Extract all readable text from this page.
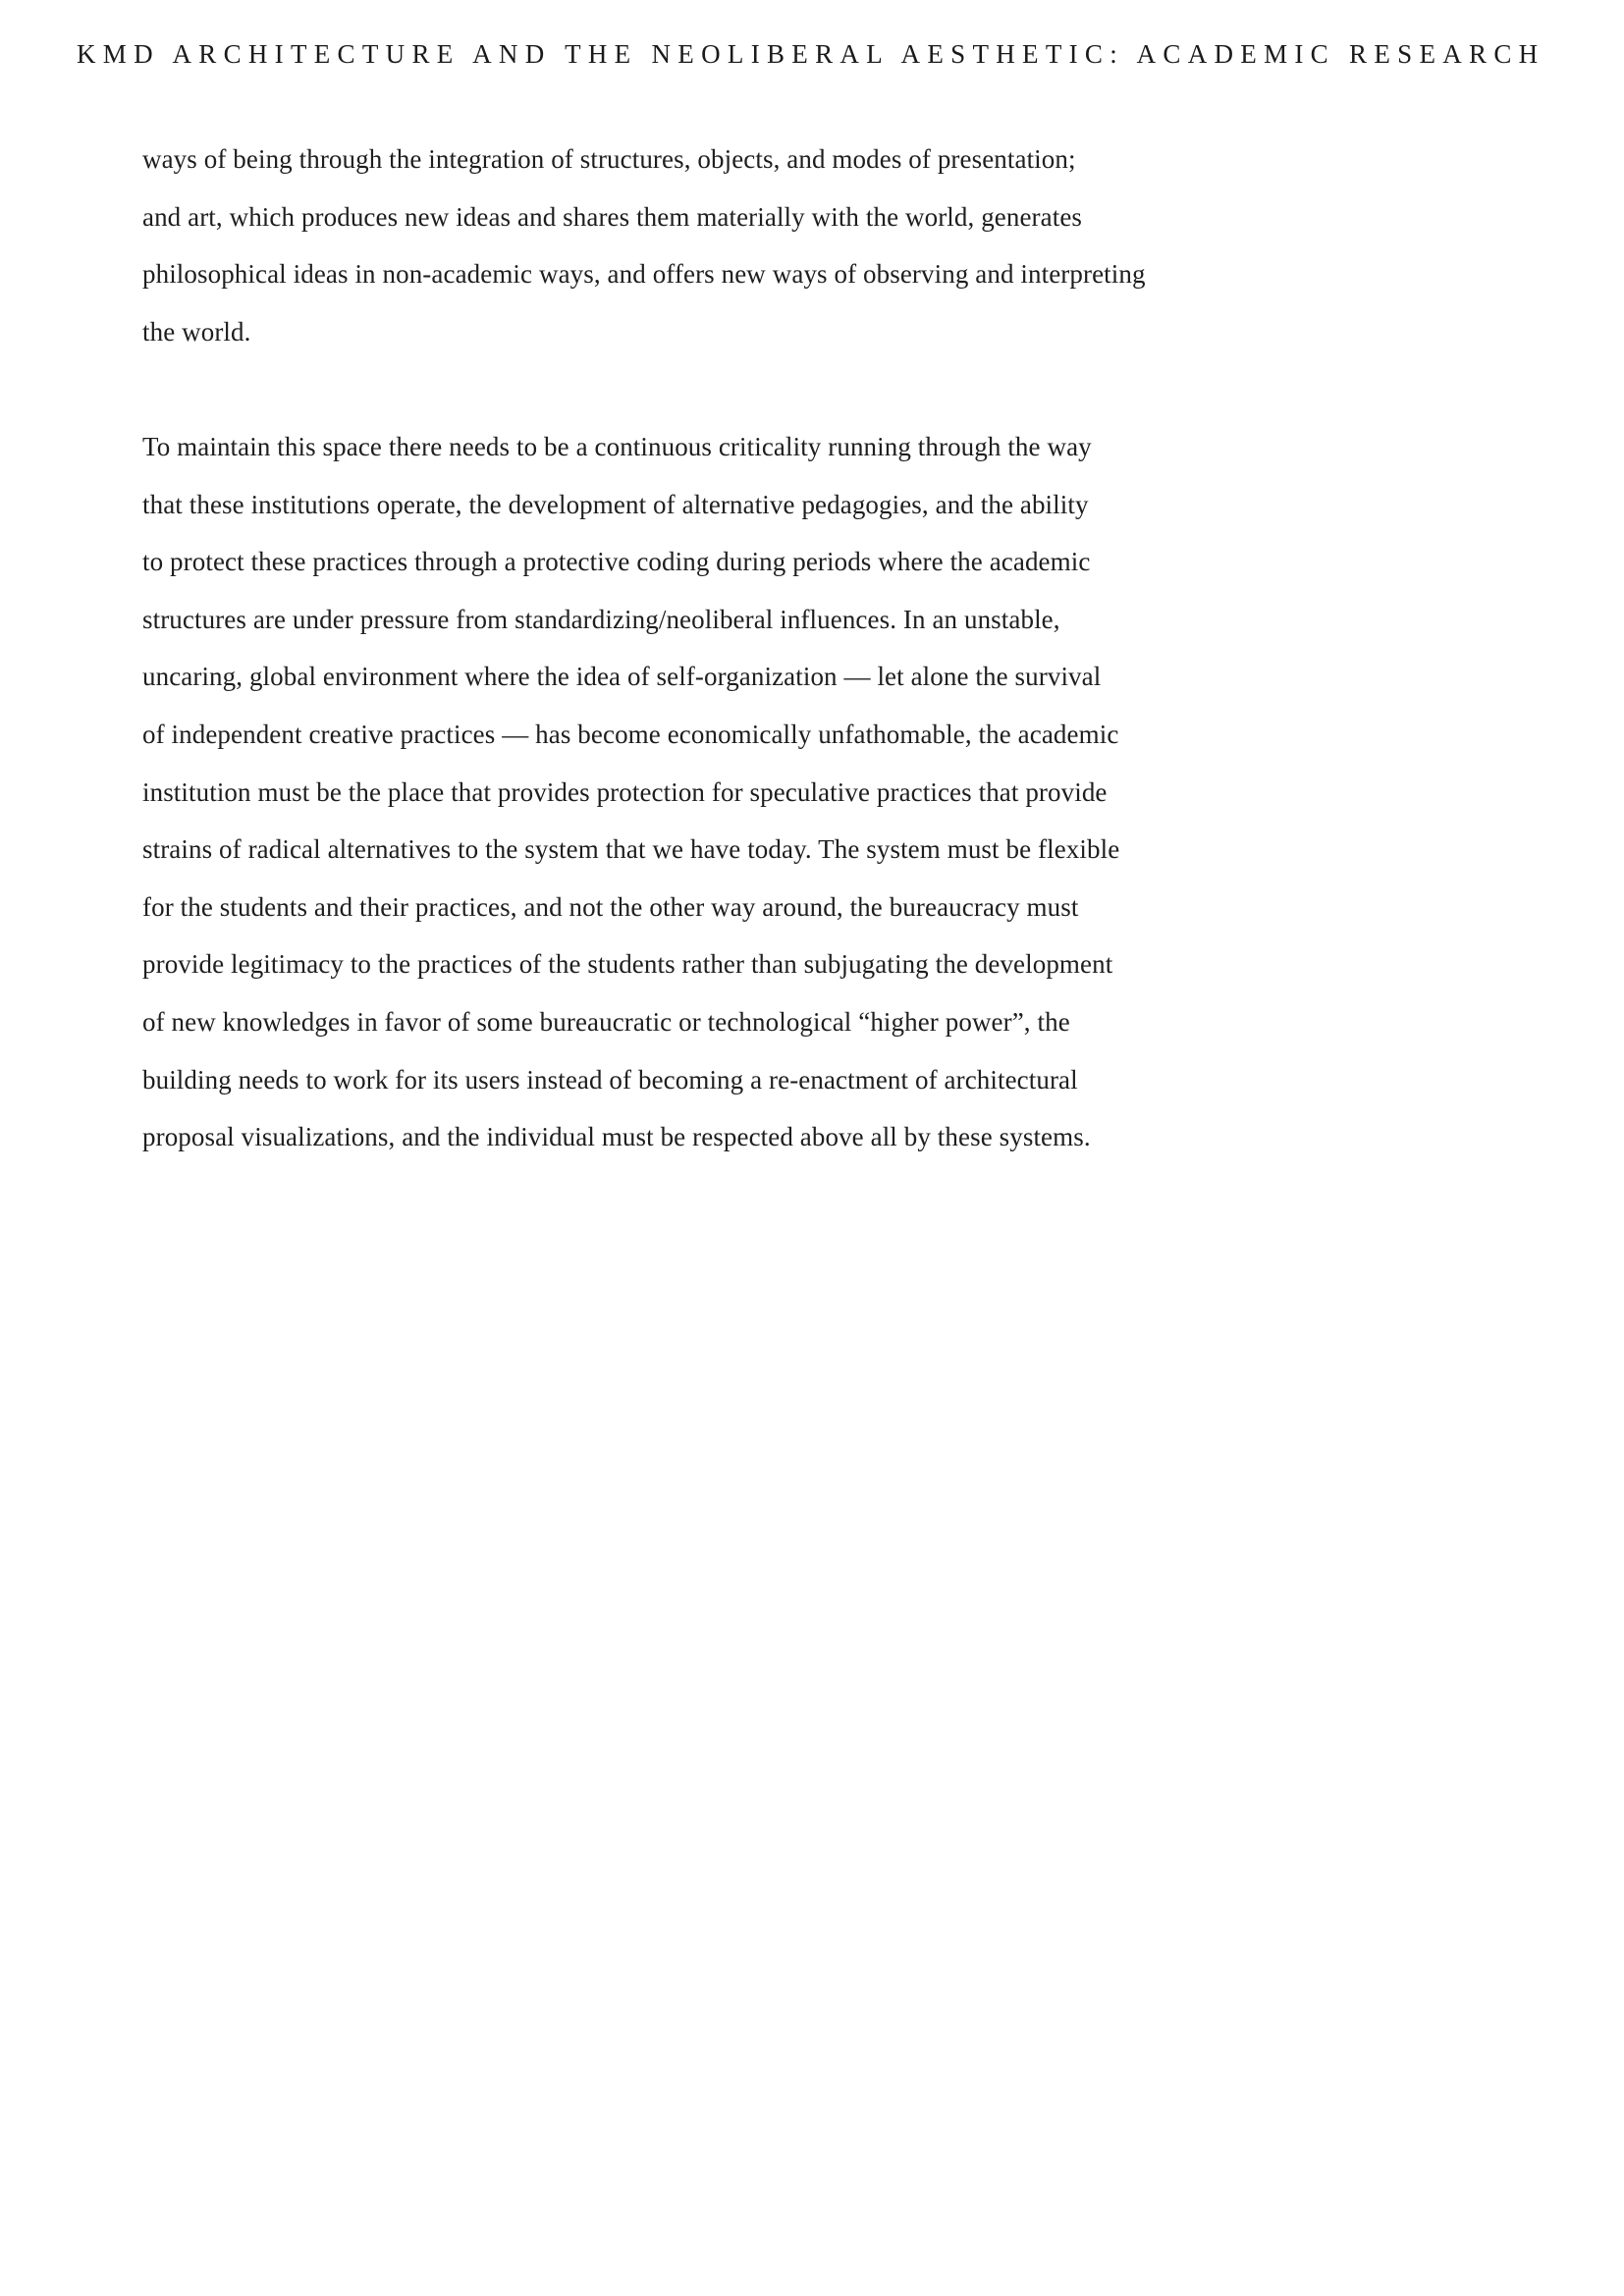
KMD ARCHITECTURE AND THE NEOLIBERAL AESTHETIC: ACADEMIC RESEARCH

ways of being through the integration of structures, objects, and modes of presentation;
and art, which produces new ideas and shares them materially with the world, generates
philosophical ideas in non-academic ways, and offers new ways of observing and interpreting
the world.

To maintain this space there needs to be a continuous criticality running through the way
that these institutions operate, the development of alternative pedagogies, and the ability
to protect these practices through a protective coding during periods where the academic
structures are under pressure from standardizing/neoliberal influences. In an unstable,
uncaring, global environment where the idea of self-organization — let alone the survival
of independent creative practices — has become economically unfathomable, the academic
institution must be the place that provides protection for speculative practices that provide
strains of radical alternatives to the system that we have today. The system must be flexible
for the students and their practices, and not the other way around, the bureaucracy must
provide legitimacy to the practices of the students rather than subjugating the development
of new knowledges in favor of some bureaucratic or technological “higher power”, the
building needs to work for its users instead of becoming a re-enactment of architectural
proposal visualizations, and the individual must be respected above all by these systems.
